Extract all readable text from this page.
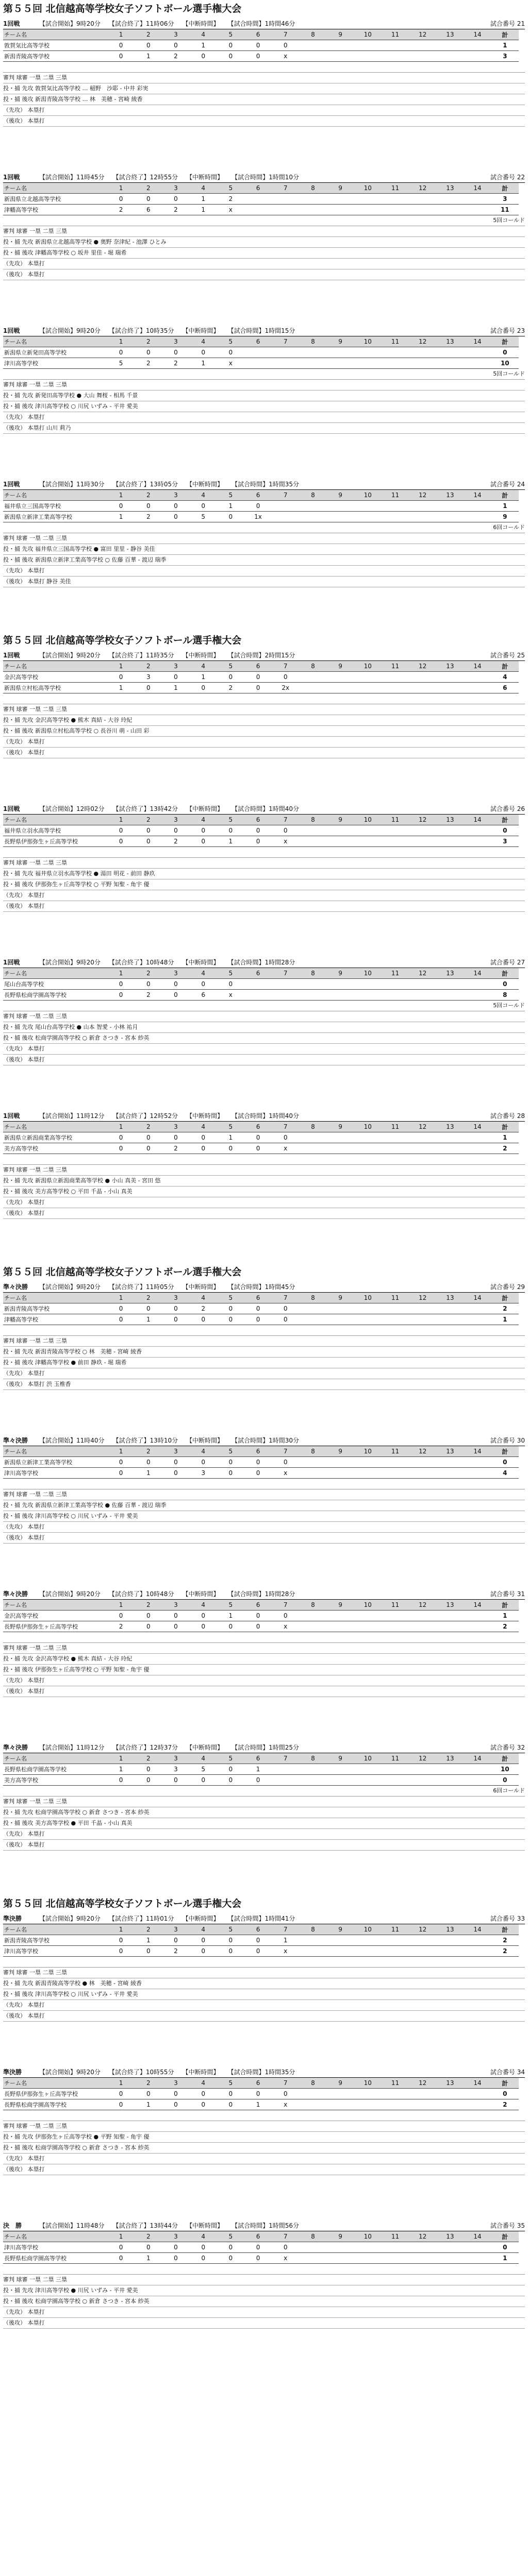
第５５回 北信越高等学校女子ソフトボール選手権大会
1回戦	【試合開始】9時20分 【試合終了】11時06分 【中断時間】 【試合時間】1時間46分	試合番号 21
チーム名	1	2	3	4	5	6	7	8	9	10	11	12	13	14	計
敦賀気比高等学校	0	0	0	1	0	0	0								1
新潟青陵高等学校	0	1	2	0	0	0	x								3
審判 球審 一塁 二塁 三塁
投・捕 先攻 敦賀気比高等学校 … 稲野　沙耶 - 中井 彩実
投・捕 後攻 新潟青陵高等学校 … 林　美穂 - 宮崎 綾香
（先攻） 本塁打
（後攻） 本塁打
1回戦	【試合開始】11時45分 【試合終了】12時55分 【中断時間】 【試合時間】1時間10分	試合番号 22
チーム名	1	2	3	4	5	6	7	8	9	10	11	12	13	14	計
新潟県立北越高等学校	0	0	0	1	2										3
津幡高等学校	2	6	2	1	x										11
5回コールド
審判 球審 一塁 二塁 三塁
投・捕 先攻 新潟県立北越高等学校 ● 奥野 奈津紀 - 池澤 ひとみ
投・捕 後攻 津幡高等学校 ○ 坂井 里佳 - 堀 瑞希
（先攻） 本塁打
（後攻） 本塁打
1回戦	【試合開始】9時20分 【試合終了】10時35分 【中断時間】 【試合時間】1時間15分	試合番号 23
チーム名	1	2	3	4	5	6	7	8	9	10	11	12	13	14	計
新潟県立新発田高等学校	0	0	0	0	0										0
津川高等学校	5	2	2	1	x										10
5回コールド
審判 球審 一塁 二塁 三塁
投・捕 先攻 新発田高等学校 ● 大山 舞桜 - 相馬 千景
投・捕 後攻 津川高等学校 ○ 川尻 いずみ - 平井 愛美
（先攻） 本塁打
（後攻） 本塁打 山川 莉乃
1回戦	【試合開始】11時30分 【試合終了】13時05分 【中断時間】 【試合時間】1時間35分	試合番号 24
チーム名	1	2	3	4	5	6	7	8	9	10	11	12	13	14	計
福井県立三国高等学校	0	0	0	0	1	0									1
新潟県立新津工業高等学校	1	2	0	5	0	1x									9
6回コールド
審判 球審 一塁 二塁 三塁
投・捕 先攻 福井県立三国高等学校 ● 富田 里里 - 静谷 美佳
投・捕 後攻 新潟県立新津工業高等学校 ○ 佐藤 百華 - 渡辺 瑞季
（先攻） 本塁打
（後攻） 本塁打 静谷 美佳
第５５回 北信越高等学校女子ソフトボール選手権大会
1回戦	【試合開始】9時20分 【試合終了】11時35分 【中断時間】 【試合時間】2時間15分	試合番号 25
チーム名	1	2	3	4	5	6	7	8	9	10	11	12	13	14	計
金沢高等学校	0	3	0	1	0	0	0								4
新潟県立村松高等学校	1	0	1	0	2	0	2x								6
審判 球審 一塁 二塁 三塁
投・捕 先攻 金沢高等学校 ● 熊木 真結 - 大谷 玲紀
投・捕 後攻 新潟県立村松高等学校 ○ 長谷川 萌 - 山田 彩
（先攻） 本塁打
（後攻） 本塁打
1回戦	【試合開始】12時02分 【試合終了】13時42分 【中断時間】 【試合時間】1時間40分	試合番号 26
チーム名	1	2	3	4	5	6	7	8	9	10	11	12	13	14	計
福井県立羽水高等学校	0	0	0	0	0	0	0								0
長野県伊那弥生ヶ丘高等学校	0	0	2	0	1	0	x								3
審判 球審 一塁 二塁 三塁
投・捕 先攻 福井県立羽水高等学校 ● 湯田 明花 - 前田 静玖
投・捕 後攻 伊那弥生ヶ丘高等学校 ○ 平野 知聖 - 角宇 優
（先攻） 本塁打
（後攻） 本塁打
1回戦	【試合開始】9時20分 【試合終了】10時48分 【中断時間】 【試合時間】1時間28分	試合番号 27
チーム名	1	2	3	4	5	6	7	8	9	10	11	12	13	14	計
尾山台高等学校	0	0	0	0	0										0
長野県松商学園高等学校	0	2	0	6	x										8
5回コールド
審判 球審 一塁 二塁 三塁
投・捕 先攻 尾山台高等学校 ● 山本 智愛 - 小林 祐月
投・捕 後攻 松商学園高等学校 ○ 新倉 さつき - 宮本 紗英
（先攻） 本塁打
（後攻） 本塁打
1回戦	【試合開始】11時12分 【試合終了】12時52分 【中断時間】 【試合時間】1時間40分	試合番号 28
チーム名	1	2	3	4	5	6	7	8	9	10	11	12	13	14	計
新潟県立新潟商業高等学校	0	0	0	0	1	0	0								1
美方高等学校	0	0	2	0	0	0	x								2
審判 球審 一塁 二塁 三塁
投・捕 先攻 新潟県立新潟商業高等学校 ● 小山 真美 - 宮田 悠
投・捕 後攻 美方高等学校 ○ 平田 千晶 - 小山 真美
（先攻） 本塁打
（後攻） 本塁打
第５５回 北信越高等学校女子ソフトボール選手権大会
準々決勝	【試合開始】9時20分 【試合終了】11時05分 【中断時間】 【試合時間】1時間45分	試合番号 29
チーム名	1	2	3	4	5	6	7	8	9	10	11	12	13	14	計
新潟青陵高等学校	0	0	0	2	0	0	0								2
津幡高等学校	0	1	0	0	0	0	0								1
審判 球審 一塁 二塁 三塁
投・捕 先攻 新潟青陵高等学校 ○ 林　美穂 - 宮崎 綾香
投・捕 後攻 津幡高等学校 ● 前田 静玖 - 堀 瑞希
（先攻） 本塁打
（後攻） 本塁打 渋 玉椎香
準々決勝	【試合開始】11時40分 【試合終了】13時10分 【中断時間】 【試合時間】1時間30分	試合番号 30
チーム名	1	2	3	4	5	6	7	8	9	10	11	12	13	14	計
新潟県立新津工業高等学校	0	0	0	0	0	0	0								0
津川高等学校	0	1	0	3	0	0	x								4
審判 球審 一塁 二塁 三塁
投・捕 先攻 新潟県立新津工業高等学校 ● 佐藤 百華 - 渡辺 瑞季
投・捕 後攻 津川高等学校 ○ 川尻 いずみ - 平井 愛美
（先攻） 本塁打
（後攻） 本塁打
準々決勝	【試合開始】9時20分 【試合終了】10時48分 【中断時間】 【試合時間】1時間28分	試合番号 31
チーム名	1	2	3	4	5	6	7	8	9	10	11	12	13	14	計
金沢高等学校	0	0	0	0	1	0	0								1
長野県伊那弥生ヶ丘高等学校	2	0	0	0	0	0	x								2
審判 球審 一塁 二塁 三塁
投・捕 先攻 金沢高等学校 ● 熊木 真結 - 大谷 玲紀
投・捕 後攻 伊那弥生ヶ丘高等学校 ○ 平野 知聖 - 角宇 優
（先攻） 本塁打
（後攻） 本塁打
準々決勝	【試合開始】11時12分 【試合終了】12時37分 【中断時間】 【試合時間】1時間25分	試合番号 32
チーム名	1	2	3	4	5	6	7	8	9	10	11	12	13	14	計
長野県松商学園高等学校	1	0	3	5	0	1									10
美方高等学校	0	0	0	0	0	0									0
6回コールド
審判 球審 一塁 二塁 三塁
投・捕 先攻 松商学園高等学校 ○ 新倉 さつき - 宮本 紗英
投・捕 後攻 美方高等学校 ● 平田 千晶 - 小山 真美
（先攻） 本塁打
（後攻） 本塁打
第５５回 北信越高等学校女子ソフトボール選手権大会
準決勝	【試合開始】9時20分 【試合終了】11時01分 【中断時間】 【試合時間】1時間41分	試合番号 33
チーム名	1	2	3	4	5	6	7	8	9	10	11	12	13	14	計
新潟青陵高等学校	0	1	0	0	0	0	1								2
津川高等学校	0	0	2	0	0	0	x								2
審判 球審 一塁 二塁 三塁
投・捕 先攻 新潟青陵高等学校 ● 林　美穂 - 宮崎 綾香
投・捕 後攻 津川高等学校 ○ 川尻 いずみ - 平井 愛美
（先攻） 本塁打
（後攻） 本塁打
準決勝	【試合開始】9時20分 【試合終了】10時55分 【中断時間】 【試合時間】1時間35分	試合番号 34
チーム名	1	2	3	4	5	6	7	8	9	10	11	12	13	14	計
長野県伊那弥生ヶ丘高等学校	0	0	0	0	0	0	0								0
長野県松商学園高等学校	0	1	0	0	0	1	x								2
審判 球審 一塁 二塁 三塁
投・捕 先攻 伊那弥生ヶ丘高等学校 ● 平野 知聖 - 角宇 優
投・捕 後攻 松商学園高等学校 ○ 新倉 さつき - 宮本 紗英
（先攻） 本塁打
（後攻） 本塁打
決　勝	【試合開始】11時48分 【試合終了】13時44分 【中断時間】 【試合時間】1時間56分	試合番号 35
チーム名	1	2	3	4	5	6	7	8	9	10	11	12	13	14	計
津川高等学校	0	0	0	0	0	0	0								0
長野県松商学園高等学校	0	1	0	0	0	0	x								1
審判 球審 一塁 二塁 三塁
投・捕 先攻 津川高等学校 ● 川尻 いずみ - 平井 愛美
投・捕 後攻 松商学園高等学校 ○ 新倉 さつき - 宮本 紗英
（先攻） 本塁打
（後攻） 本塁打
